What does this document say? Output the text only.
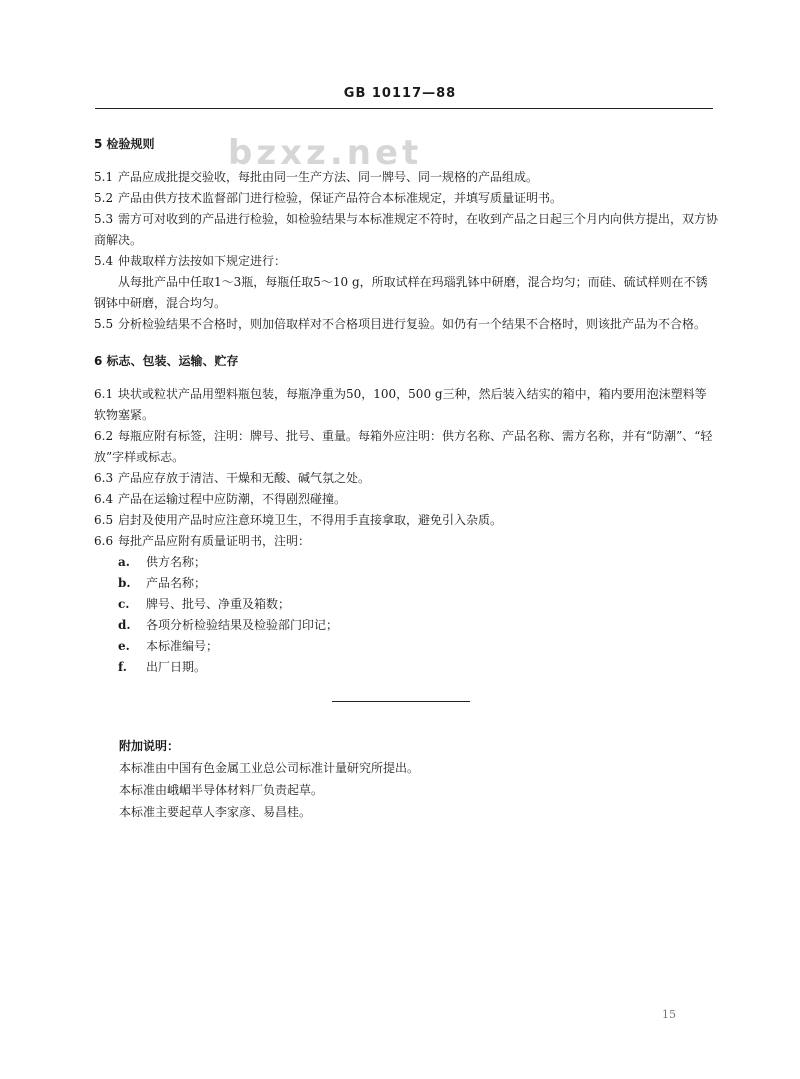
GB 10117—88
bzxz.net
5 检验规则
5.1 产品应成批提交验收，每批由同一生产方法、同一牌号、同一规格的产品组成。
5.2 产品由供方技术监督部门进行检验，保证产品符合本标准规定，并填写质量证明书。
5.3 需方可对收到的产品进行检验，如检验结果与本标准规定不符时，在收到产品之日起三个月内向供方提出，双方协商解决。
5.4 仲裁取样方法按如下规定进行：
从每批产品中任取1～3瓶，每瓶任取5～10 g，所取试样在玛瑙乳钵中研磨，混合均匀；而硅、硫试样则在不锈钢钵中研磨，混合均匀。
5.5 分析检验结果不合格时，则加倍取样对不合格项目进行复验。如仍有一个结果不合格时，则该批产品为不合格。
6 标志、包装、运输、贮存
6.1 块状或粒状产品用塑料瓶包装，每瓶净重为50，100，500 g三种，然后装入结实的箱中，箱内要用泡沫塑料等软物塞紧。
6.2 每瓶应附有标签，注明：牌号、批号、重量。每箱外应注明：供方名称、产品名称、需方名称，并有“防潮”、“轻放”字样或标志。
6.3 产品应存放于清洁、干燥和无酸、碱气氛之处。
6.4 产品在运输过程中应防潮，不得剧烈碰撞。
6.5 启封及使用产品时应注意环境卫生，不得用手直接拿取，避免引入杂质。
6.6 每批产品应附有质量证明书，注明：
a. 供方名称；
b. 产品名称；
c. 牌号、批号、净重及箱数；
d. 各项分析检验结果及检验部门印记；
e. 本标准编号；
f. 出厂日期。
附加说明：
本标准由中国有色金属工业总公司标准计量研究所提出。
本标准由峨嵋半导体材料厂负责起草。
本标准主要起草人李家彦、易昌桂。
15
